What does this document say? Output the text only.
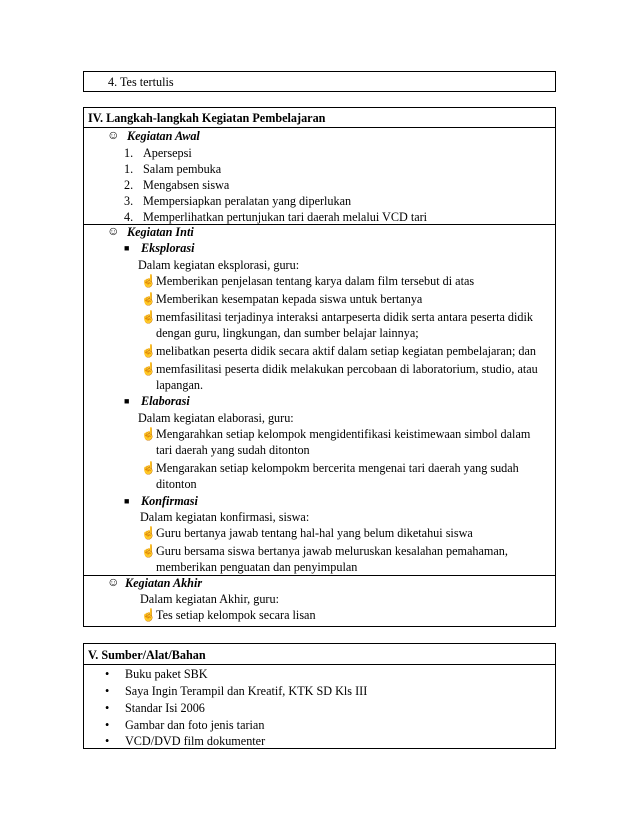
4. Tes tertulis
IV. Langkah-langkah Kegiatan Pembelajaran
☺ Kegiatan Awal
1. Apersepsi
1. Salam pembuka
2. Mengabsen siswa
3. Mempersiapkan peralatan yang diperlukan
4. Memperlihatkan pertunjukan tari daerah melalui VCD tari
☺ Kegiatan Inti
■ Eksplorasi
Dalam kegiatan eksplorasi, guru:
☝ Memberikan penjelasan tentang karya dalam film tersebut di atas
☝ Memberikan kesempatan kepada siswa untuk bertanya
☝ memfasilitasi terjadinya interaksi antarpeserta didik serta antara peserta didik
dengan guru, lingkungan, dan sumber belajar lainnya;
☝ melibatkan peserta didik secara aktif dalam setiap kegiatan pembelajaran; dan
☝ memfasilitasi peserta didik melakukan percobaan di laboratorium, studio, atau
lapangan.
■ Elaborasi
Dalam kegiatan elaborasi, guru:
☝ Mengarahkan setiap kelompok mengidentifikasi keistimewaan simbol dalam
tari daerah yang sudah ditonton
☝ Mengarakan setiap kelompokm bercerita mengenai tari daerah yang sudah
ditonton
■ Konfirmasi
Dalam kegiatan konfirmasi, siswa:
☝ Guru bertanya jawab tentang hal-hal yang belum diketahui siswa
☝ Guru bersama siswa bertanya jawab meluruskan kesalahan pemahaman,
memberikan penguatan dan penyimpulan
☺ Kegiatan Akhir
Dalam kegiatan Akhir, guru:
☝ Tes setiap kelompok secara lisan
V. Sumber/Alat/Bahan
• Buku paket SBK
• Saya Ingin Terampil dan Kreatif, KTK SD Kls III
• Standar Isi 2006
• Gambar dan foto jenis tarian
• VCD/DVD film dokumenter
